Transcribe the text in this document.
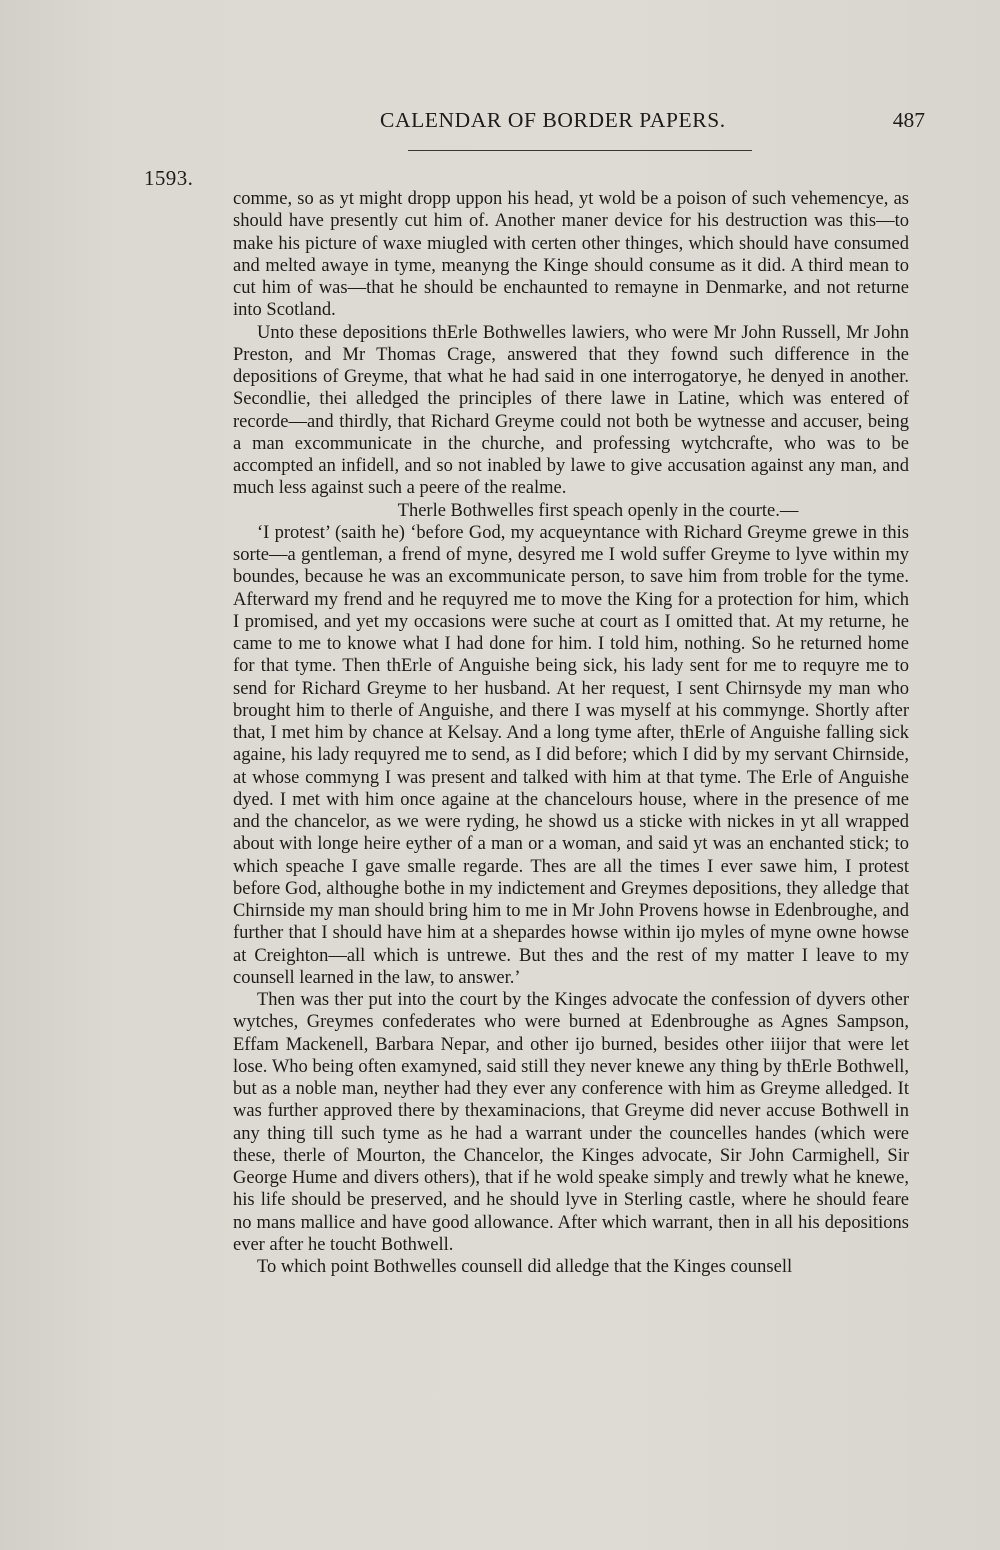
CALENDAR OF BORDER PAPERS.	487
1593.

comme, so as yt might dropp uppon his head, yt wold be a poison of such vehemencye, as should have presently cut him of. Another maner device for his destruction was this—to make his picture of waxe miugled with certen other thinges, which should have consumed and melted awaye in tyme, meanyng the Kinge should consume as it did. A third mean to cut him of was—that he should be enchaunted to remayne in Denmarke, and not returne into Scotland.

Unto these depositions thErle Bothwelles lawiers, who were Mr John Russell, Mr John Preston, and Mr Thomas Crage, answered that they fownd such difference in the depositions of Greyme, that what he had said in one interrogatorye, he denyed in another. Secondlie, thei alledged the principles of there lawe in Latine, which was entered of recorde—and thirdly, that Richard Greyme could not both be wytnesse and accuser, being a man excommunicate in the churche, and professing wytchcrafte, who was to be accompted an infidell, and so not inabled by lawe to give accusation against any man, and much less against such a peere of the realme.

Therle Bothwelles first speach openly in the courte.—

‘I protest’ (saith he) ‘before God, my acqueyntance with Richard Greyme grewe in this sorte—a gentleman, a frend of myne, desyred me I wold suffer Greyme to lyve within my boundes, because he was an excommunicate person, to save him from troble for the tyme. Afterward my frend and he requyred me to move the King for a protection for him, which I promised, and yet my occasions were suche at court as I omitted that. At my returne, he came to me to knowe what I had done for him. I told him, nothing. So he returned home for that tyme. Then thErle of Anguishe being sick, his lady sent for me to requyre me to send for Richard Greyme to her husband. At her request, I sent Chirnsyde my man who brought him to therle of Anguishe, and there I was myself at his commynge. Shortly after that, I met him by chance at Kelsay. And a long tyme after, thErle of Anguishe falling sick againe, his lady requyred me to send, as I did before; which I did by my servant Chirnside, at whose commyng I was present and talked with him at that tyme. The Erle of Anguishe dyed. I met with him once againe at the chancelours house, where in the presence of me and the chancelor, as we were ryding, he showd us a sticke with nickes in yt all wrapped about with longe heire eyther of a man or a woman, and said yt was an enchanted stick; to which speache I gave smalle regarde. Thes are all the times I ever sawe him, I protest before God, althoughe bothe in my indictement and Greymes depositions, they alledge that Chirnside my man should bring him to me in Mr John Provens howse in Edenbroughe, and further that I should have him at a shepardes howse within ijo myles of myne owne howse at Creighton—all which is untrewe. But thes and the rest of my matter I leave to my counsell learned in the law, to answer.’

Then was ther put into the court by the Kinges advocate the confession of dyvers other wytches, Greymes confederates who were burned at Edenbroughe as Agnes Sampson, Effam Mackenell, Barbara Nepar, and other ijo burned, besides other iiijor that were let lose. Who being often examyned, said still they never knewe any thing by thErle Bothwell, but as a noble man, neyther had they ever any conference with him as Greyme alledged. It was further approved there by thexaminacions, that Greyme did never accuse Bothwell in any thing till such tyme as he had a warrant under the councelles handes (which were these, therle of Mourton, the Chancelor, the Kinges advocate, Sir John Carmighell, Sir George Hume and divers others), that if he wold speake simply and trewly what he knewe, his life should be preserved, and he should lyve in Sterling castle, where he should feare no mans mallice and have good allowance. After which warrant, then in all his depositions ever after he toucht Bothwell.

To which point Bothwelles counsell did alledge that the Kinges counsell
